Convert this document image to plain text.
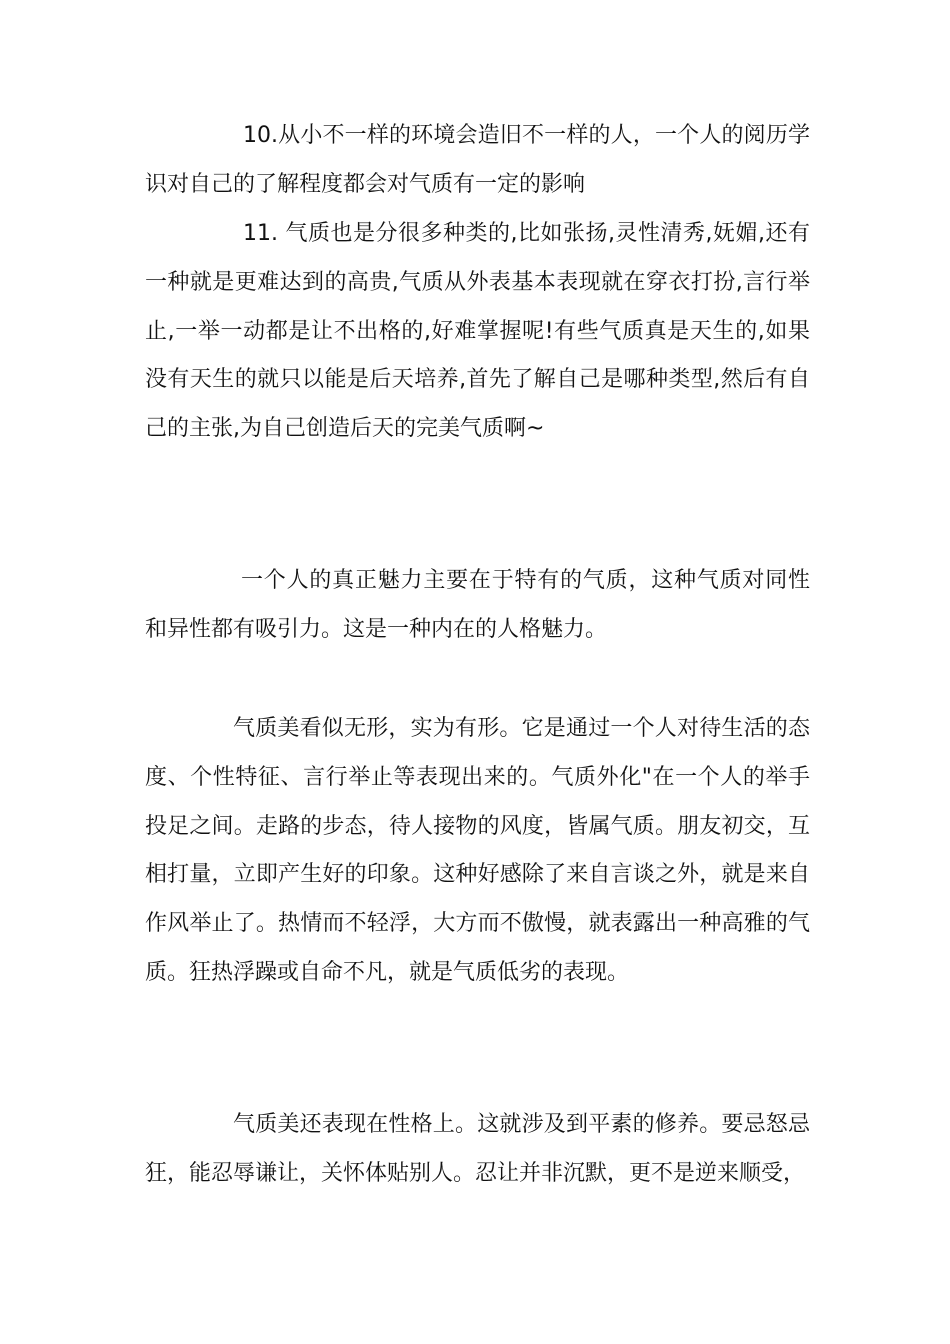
10.从小不一样的环境会造旧不一样的人，一个人的阅历学识对自己的了解程度都会对气质有一定的影响

11. 气质也是分很多种类的,比如张扬,灵性清秀,妩媚,还有一种就是更难达到的高贵,气质从外表基本表现就在穿衣打扮,言行举止,一举一动都是让不出格的,好难掌握呢!有些气质真是天生的,如果没有天生的就只以能是后天培养,首先了解自己是哪种类型,然后有自己的主张,为自己创造后天的完美气质啊~

一个人的真正魅力主要在于特有的气质，这种气质对同性和异性都有吸引力。这是一种内在的人格魅力。

气质美看似无形，实为有形。它是通过一个人对待生活的态度、个性特征、言行举止等表现出来的。气质外化"在一个人的举手投足之间。走路的步态，待人接物的风度，皆属气质。朋友初交，互相打量，立即产生好的印象。这种好感除了来自言谈之外，就是来自作风举止了。热情而不轻浮，大方而不傲慢，就表露出一种高雅的气质。狂热浮躁或自命不凡，就是气质低劣的表现。

气质美还表现在性格上。这就涉及到平素的修养。要忌怒忌狂，能忍辱谦让，关怀体贴别人。忍让并非沉默，更不是逆来顺受，
